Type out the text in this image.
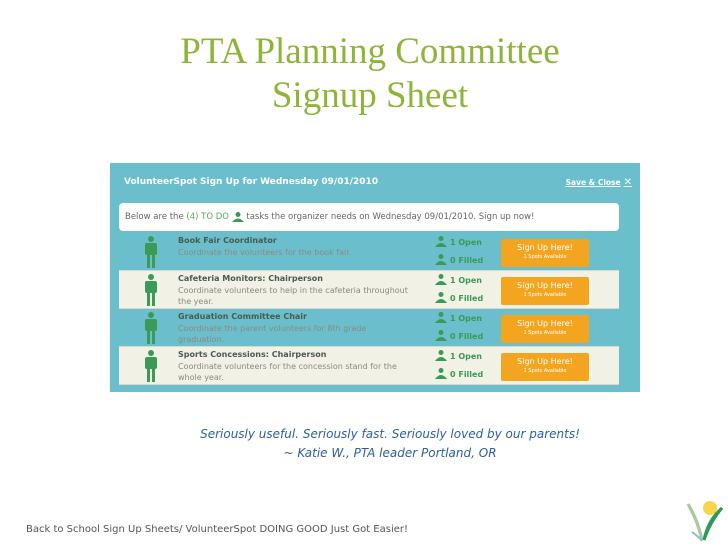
PTA Planning Committee
Signup Sheet
VolunteerSpot Sign Up for Wednesday 09/01/2010	Save & Close ✕
Below are the (4) TO DO tasks the organizer needs on Wednesday 09/01/2010. Sign up now!
Book Fair Coordinator
Coordinate the volunteers for the book fair.
1 Open
0 Filled
Sign Up Here!
1 Spots Available
Cafeteria Monitors: Chairperson
Coordinate volunteers to help in the cafeteria throughout the year.
1 Open
0 Filled
Sign Up Here!
1 Spots Available
Graduation Committee Chair
Coordinate the parent volunteers for 8th grade graduation.
1 Open
0 Filled
Sign Up Here!
1 Spots Available
Sports Concessions: Chairperson
Coordinate volunteers for the concession stand for the whole year.
1 Open
0 Filled
Sign Up Here!
1 Spots Available
Seriously useful. Seriously fast. Seriously loved by our parents!
~ Katie W., PTA leader Portland, OR
Back to School Sign Up Sheets/ VolunteerSpot DOING GOOD Just Got Easier!
